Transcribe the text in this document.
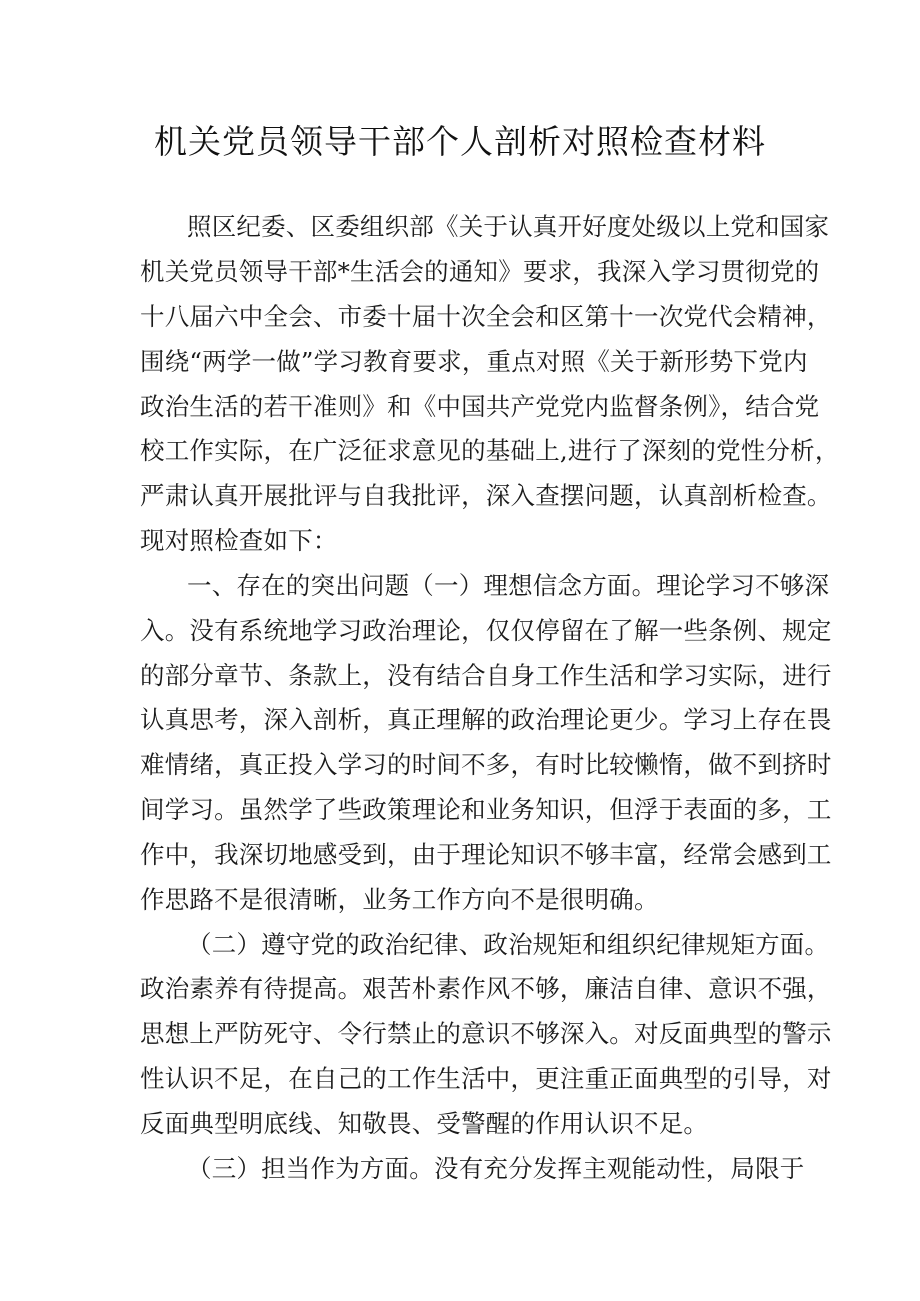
机关党员领导干部个人剖析对照检查材料

照区纪委、区委组织部《关于认真开好度处级以上党和国家

机关党员领导干部*生活会的通知》要求，我深入学习贯彻党的

十八届六中全会、市委十届十次全会和区第十一次党代会精神，

围绕“两学一做”学习教育要求，重点对照《关于新形势下党内

政治生活的若干准则》和《中国共产党党内监督条例》，结合党

校工作实际，在广泛征求意见的基础上,进行了深刻的党性分析，

严肃认真开展批评与自我批评，深入查摆问题，认真剖析检查。

现对照检查如下：

一、存在的突出问题（一）理想信念方面。理论学习不够深

入。没有系统地学习政治理论，仅仅停留在了解一些条例、规定

的部分章节、条款上，没有结合自身工作生活和学习实际，进行

认真思考，深入剖析，真正理解的政治理论更少。学习上存在畏

难情绪，真正投入学习的时间不多，有时比较懒惰，做不到挤时

间学习。虽然学了些政策理论和业务知识，但浮于表面的多，工

作中，我深切地感受到，由于理论知识不够丰富，经常会感到工

作思路不是很清晰，业务工作方向不是很明确。

（二）遵守党的政治纪律、政治规矩和组织纪律规矩方面。

政治素养有待提高。艰苦朴素作风不够，廉洁自律、意识不强，

思想上严防死守、令行禁止的意识不够深入。对反面典型的警示

性认识不足，在自己的工作生活中，更注重正面典型的引导，对

反面典型明底线、知敬畏、受警醒的作用认识不足。

（三）担当作为方面。没有充分发挥主观能动性，局限于
